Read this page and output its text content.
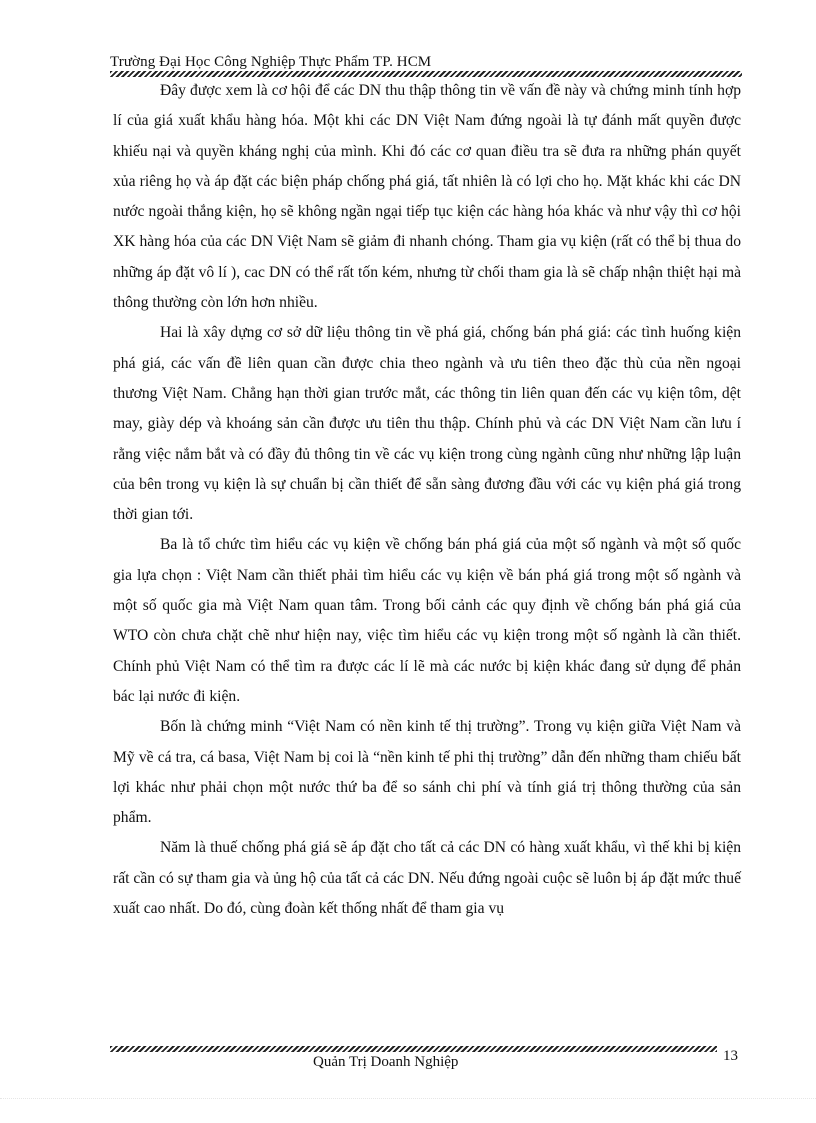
Trường Đại Học Công Nghiệp Thực Phẩm TP. HCM

Đây được xem là cơ hội để các DN thu thập thông tin về vấn đề này và chứng minh tính hợp lí của giá xuất khẩu hàng hóa. Một khi các DN Việt Nam đứng ngoài là tự đánh mất quyền được khiếu nại và quyền kháng nghị của mình. Khi đó các cơ quan điều tra sẽ đưa ra những phán quyết xủa riêng họ và áp đặt các biện pháp chống phá giá, tất nhiên là có lợi cho họ. Mặt khác khi các DN nước ngoài thắng kiện, họ sẽ không ngần ngại tiếp tục kiện các hàng hóa khác và như vậy thì cơ hội XK hàng hóa của các DN Việt Nam sẽ giảm đi nhanh chóng. Tham gia vụ kiện (rất có thể bị thua do những áp đặt vô lí ), cac DN có thể rất tốn kém, nhưng từ chối tham gia là sẽ chấp nhận thiệt hại mà thông thường còn lớn hơn nhiều.

Hai là xây dựng cơ sở dữ liệu thông tin về phá giá, chống bán phá giá: các tình huống kiện phá giá, các vấn đề liên quan cần được chia theo ngành và ưu tiên theo đặc thù của nền ngoại thương Việt Nam. Chẳng hạn thời gian trước mắt, các thông tin liên quan đến các vụ kiện tôm, dệt may, giày dép và khoáng sản cần được ưu tiên thu thập. Chính phủ và các DN Việt Nam cần lưu í rằng việc nắm bắt và có đầy đủ thông tin về các vụ kiện trong cùng ngành cũng như những lập luận của bên trong vụ kiện là sự chuẩn bị cần thiết để sẵn sàng đương đầu với các vụ kiện phá giá trong thời gian tới.

Ba là tổ chức tìm hiểu các vụ kiện về chống bán phá giá của một số ngành và một số quốc gia lựa chọn : Việt Nam cần thiết phải tìm hiểu các vụ kiện về bán phá giá trong một số ngành và một số quốc gia mà Việt Nam quan tâm. Trong bối cảnh các quy định về chống bán phá giá của WTO còn chưa chặt chẽ như hiện nay, việc tìm hiểu các vụ kiện trong một số ngành là cần thiết. Chính phủ Việt Nam có thể tìm ra được các lí lẽ mà các nước bị kiện khác đang sử dụng để phản bác lại nước đi kiện.

Bốn là chứng minh “Việt Nam có nền kinh tế thị trường”. Trong vụ kiện giữa Việt Nam và Mỹ về cá tra, cá basa, Việt Nam bị coi là “nền kinh tế phi thị trường” dẫn đến những tham chiếu bất lợi khác như phải chọn một nước thứ ba để so sánh chi phí và tính giá trị thông thường của sản phẩm.

Năm là thuế chống phá giá sẽ áp đặt cho tất cả các DN có hàng xuất khẩu, vì thế khi bị kiện rất cần có sự tham gia và ủng hộ của tất cả các DN. Nếu đứng ngoài cuộc sẽ luôn bị áp đặt mức thuế xuất cao nhất. Do đó, cùng đoàn kết thống nhất để tham gia vụ

Quản Trị Doanh Nghiệp	13
